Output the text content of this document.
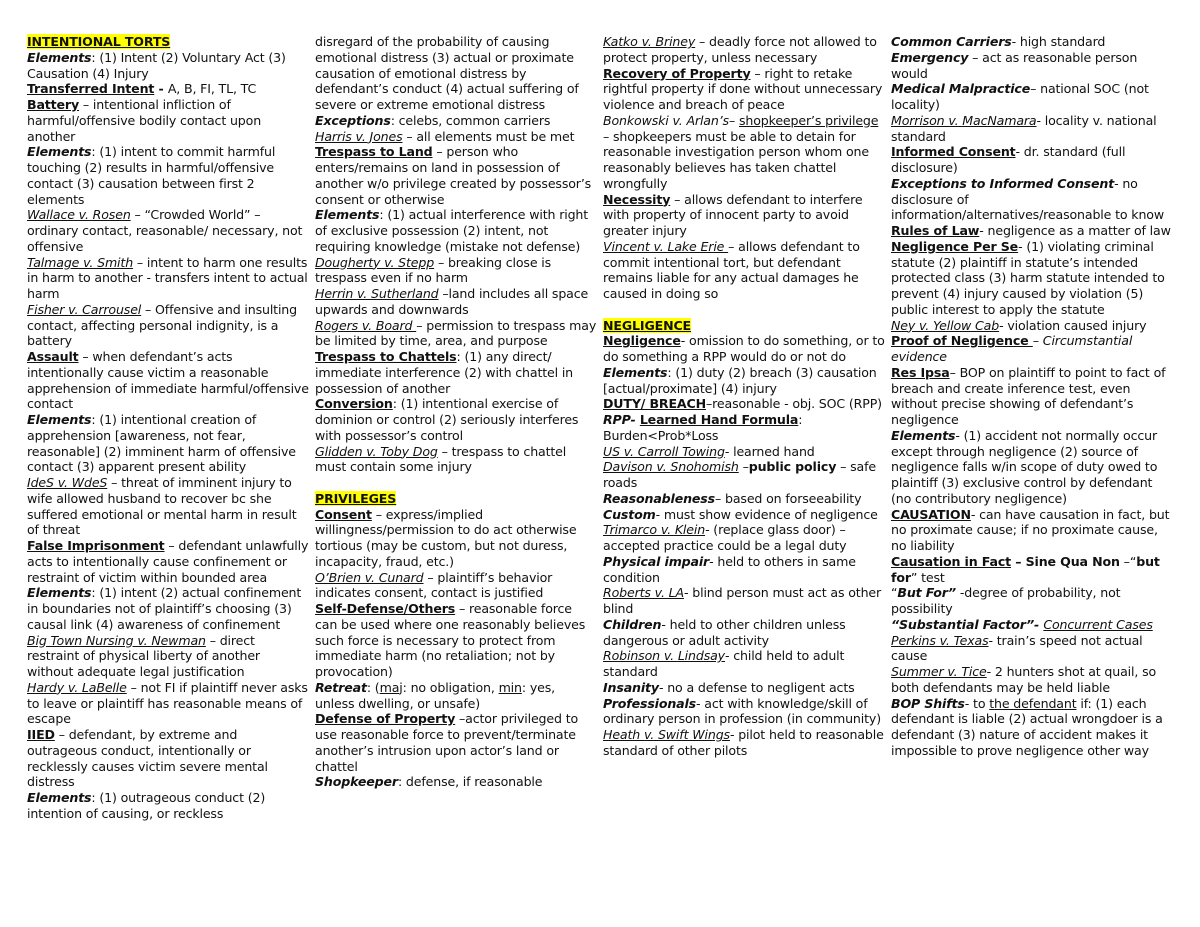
INTENTIONAL TORTS
Elements: (1) Intent (2) Voluntary Act (3) Causation (4) Injury
Transferred Intent - A, B, FI, TL, TC
Battery – intentional infliction of harmful/offensive bodily contact upon another
Elements: (1) intent to commit harmful touching (2) results in harmful/offensive contact (3) causation between first 2 elements
Wallace v. Rosen – “Crowded World” – ordinary contact, reasonable/ necessary, not offensive
Talmage v. Smith – intent to harm one results in harm to another - transfers intent to actual harm
Fisher v. Carrousel – Offensive and insulting contact, affecting personal indignity, is a battery
Assault – when defendant’s acts intentionally cause victim a reasonable apprehension of immediate harmful/offensive contact
Elements: (1) intentional creation of apprehension [awareness, not fear, reasonable] (2) imminent harm of offensive contact (3) apparent present ability
IdeS v. WdeS – threat of imminent injury to wife allowed husband to recover bc she suffered emotional or mental harm in result of threat
False Imprisonment – defendant unlawfully acts to intentionally cause confinement or restraint of victim within bounded area
Elements: (1) intent (2) actual confinement in boundaries not of plaintiff’s choosing (3) causal link (4) awareness of confinement
Big Town Nursing v. Newman – direct restraint of physical liberty of another without adequate legal justification
Hardy v. LaBelle – not FI if plaintiff never asks to leave or plaintiff has reasonable means of escape
IIED – defendant, by extreme and outrageous conduct, intentionally or recklessly causes victim severe mental distress
Elements: (1) outrageous conduct (2) intention of causing, or reckless
disregard of the probability of causing emotional distress (3) actual or proximate causation of emotional distress by defendant’s conduct (4) actual suffering of severe or extreme emotional distress
Exceptions: celebs, common carriers
Harris v. Jones – all elements must be met
Trespass to Land – person who enters/remains on land in possession of another w/o privilege created by possessor’s consent or otherwise
Elements: (1) actual interference with right of exclusive possession (2) intent, not requiring knowledge (mistake not defense)
Dougherty v. Stepp – breaking close is trespass even if no harm
Herrin v. Sutherland –land includes all space upwards and downwards
Rogers v. Board – permission to trespass may be limited by time, area, and purpose
Trespass to Chattels: (1) any direct/ immediate interference (2) with chattel in possession of another
Conversion: (1) intentional exercise of dominion or control (2) seriously interferes with possessor’s control
Glidden v. Toby Dog – trespass to chattel must contain some injury
PRIVILEGES
Consent – express/implied willingness/permission to do act otherwise tortious (may be custom, but not duress, incapacity, fraud, etc.)
O’Brien v. Cunard – plaintiff’s behavior indicates consent, contact is justified
Self-Defense/Others – reasonable force can be used where one reasonably believes such force is necessary to protect from immediate harm (no retaliation; not by provocation)
Retreat: (maj: no obligation, min: yes, unless dwelling, or unsafe)
Defense of Property –actor privileged to use reasonable force to prevent/terminate another’s intrusion upon actor’s land or chattel
Shopkeeper: defense, if reasonable
Katko v. Briney – deadly force not allowed to protect property, unless necessary
Recovery of Property – right to retake rightful property if done without unnecessary violence and breach of peace
Bonkowski v. Arlan’s– shopkeeper’s privilege – shopkeepers must be able to detain for reasonable investigation person whom one reasonably believes has taken chattel wrongfully
Necessity – allows defendant to interfere with property of innocent party to avoid greater injury
Vincent v. Lake Erie – allows defendant to commit intentional tort, but defendant remains liable for any actual damages he caused in doing so
NEGLIGENCE
Negligence- omission to do something, or to do something a RPP would do or not do
Elements: (1) duty (2) breach (3) causation [actual/proximate] (4) injury
DUTY/ BREACH–reasonable - obj. SOC (RPP)
RPP- Learned Hand Formula: Burden<Prob*Loss
US v. Carroll Towing- learned hand
Davison v. Snohomish –public policy – safe roads
Reasonableness– based on forseeability
Custom- must show evidence of negligence
Trimarco v. Klein- (replace glass door) – accepted practice could be a legal duty
Physical impair- held to others in same condition
Roberts v. LA- blind person must act as other blind
Children- held to other children unless dangerous or adult activity
Robinson v. Lindsay- child held to adult standard
Insanity- no a defense to negligent acts
Professionals- act with knowledge/skill of ordinary person in profession (in community)
Heath v. Swift Wings- pilot held to reasonable standard of other pilots
Common Carriers- high standard
Emergency – act as reasonable person would
Medical Malpractice– national SOC (not locality)
Morrison v. MacNamara- locality v. national standard
Informed Consent- dr. standard (full disclosure)
Exceptions to Informed Consent- no disclosure of information/alternatives/reasonable to know
Rules of Law- negligence as a matter of law
Negligence Per Se- (1) violating criminal statute (2) plaintiff in statute’s intended protected class (3) harm statute intended to prevent (4) injury caused by violation (5) public interest to apply the statute
Ney v. Yellow Cab- violation caused injury
Proof of Negligence – Circumstantial evidence
Res Ipsa– BOP on plaintiff to point to fact of breach and create inference test, even without precise showing of defendant’s negligence
Elements- (1) accident not normally occur except through negligence (2) source of negligence falls w/in scope of duty owed to plaintiff (3) exclusive control by defendant (no contributory negligence)
CAUSATION- can have causation in fact, but no proximate cause; if no proximate cause, no liability
Causation in Fact – Sine Qua Non –“but for” test
“But For” -degree of probability, not possibility
“Substantial Factor”- Concurrent Cases
Perkins v. Texas- train’s speed not actual cause
Summer v. Tice- 2 hunters shot at quail, so both defendants may be held liable
BOP Shifts- to the defendant if: (1) each defendant is liable (2) actual wrongdoer is a defendant (3) nature of accident makes it impossible to prove negligence other way
